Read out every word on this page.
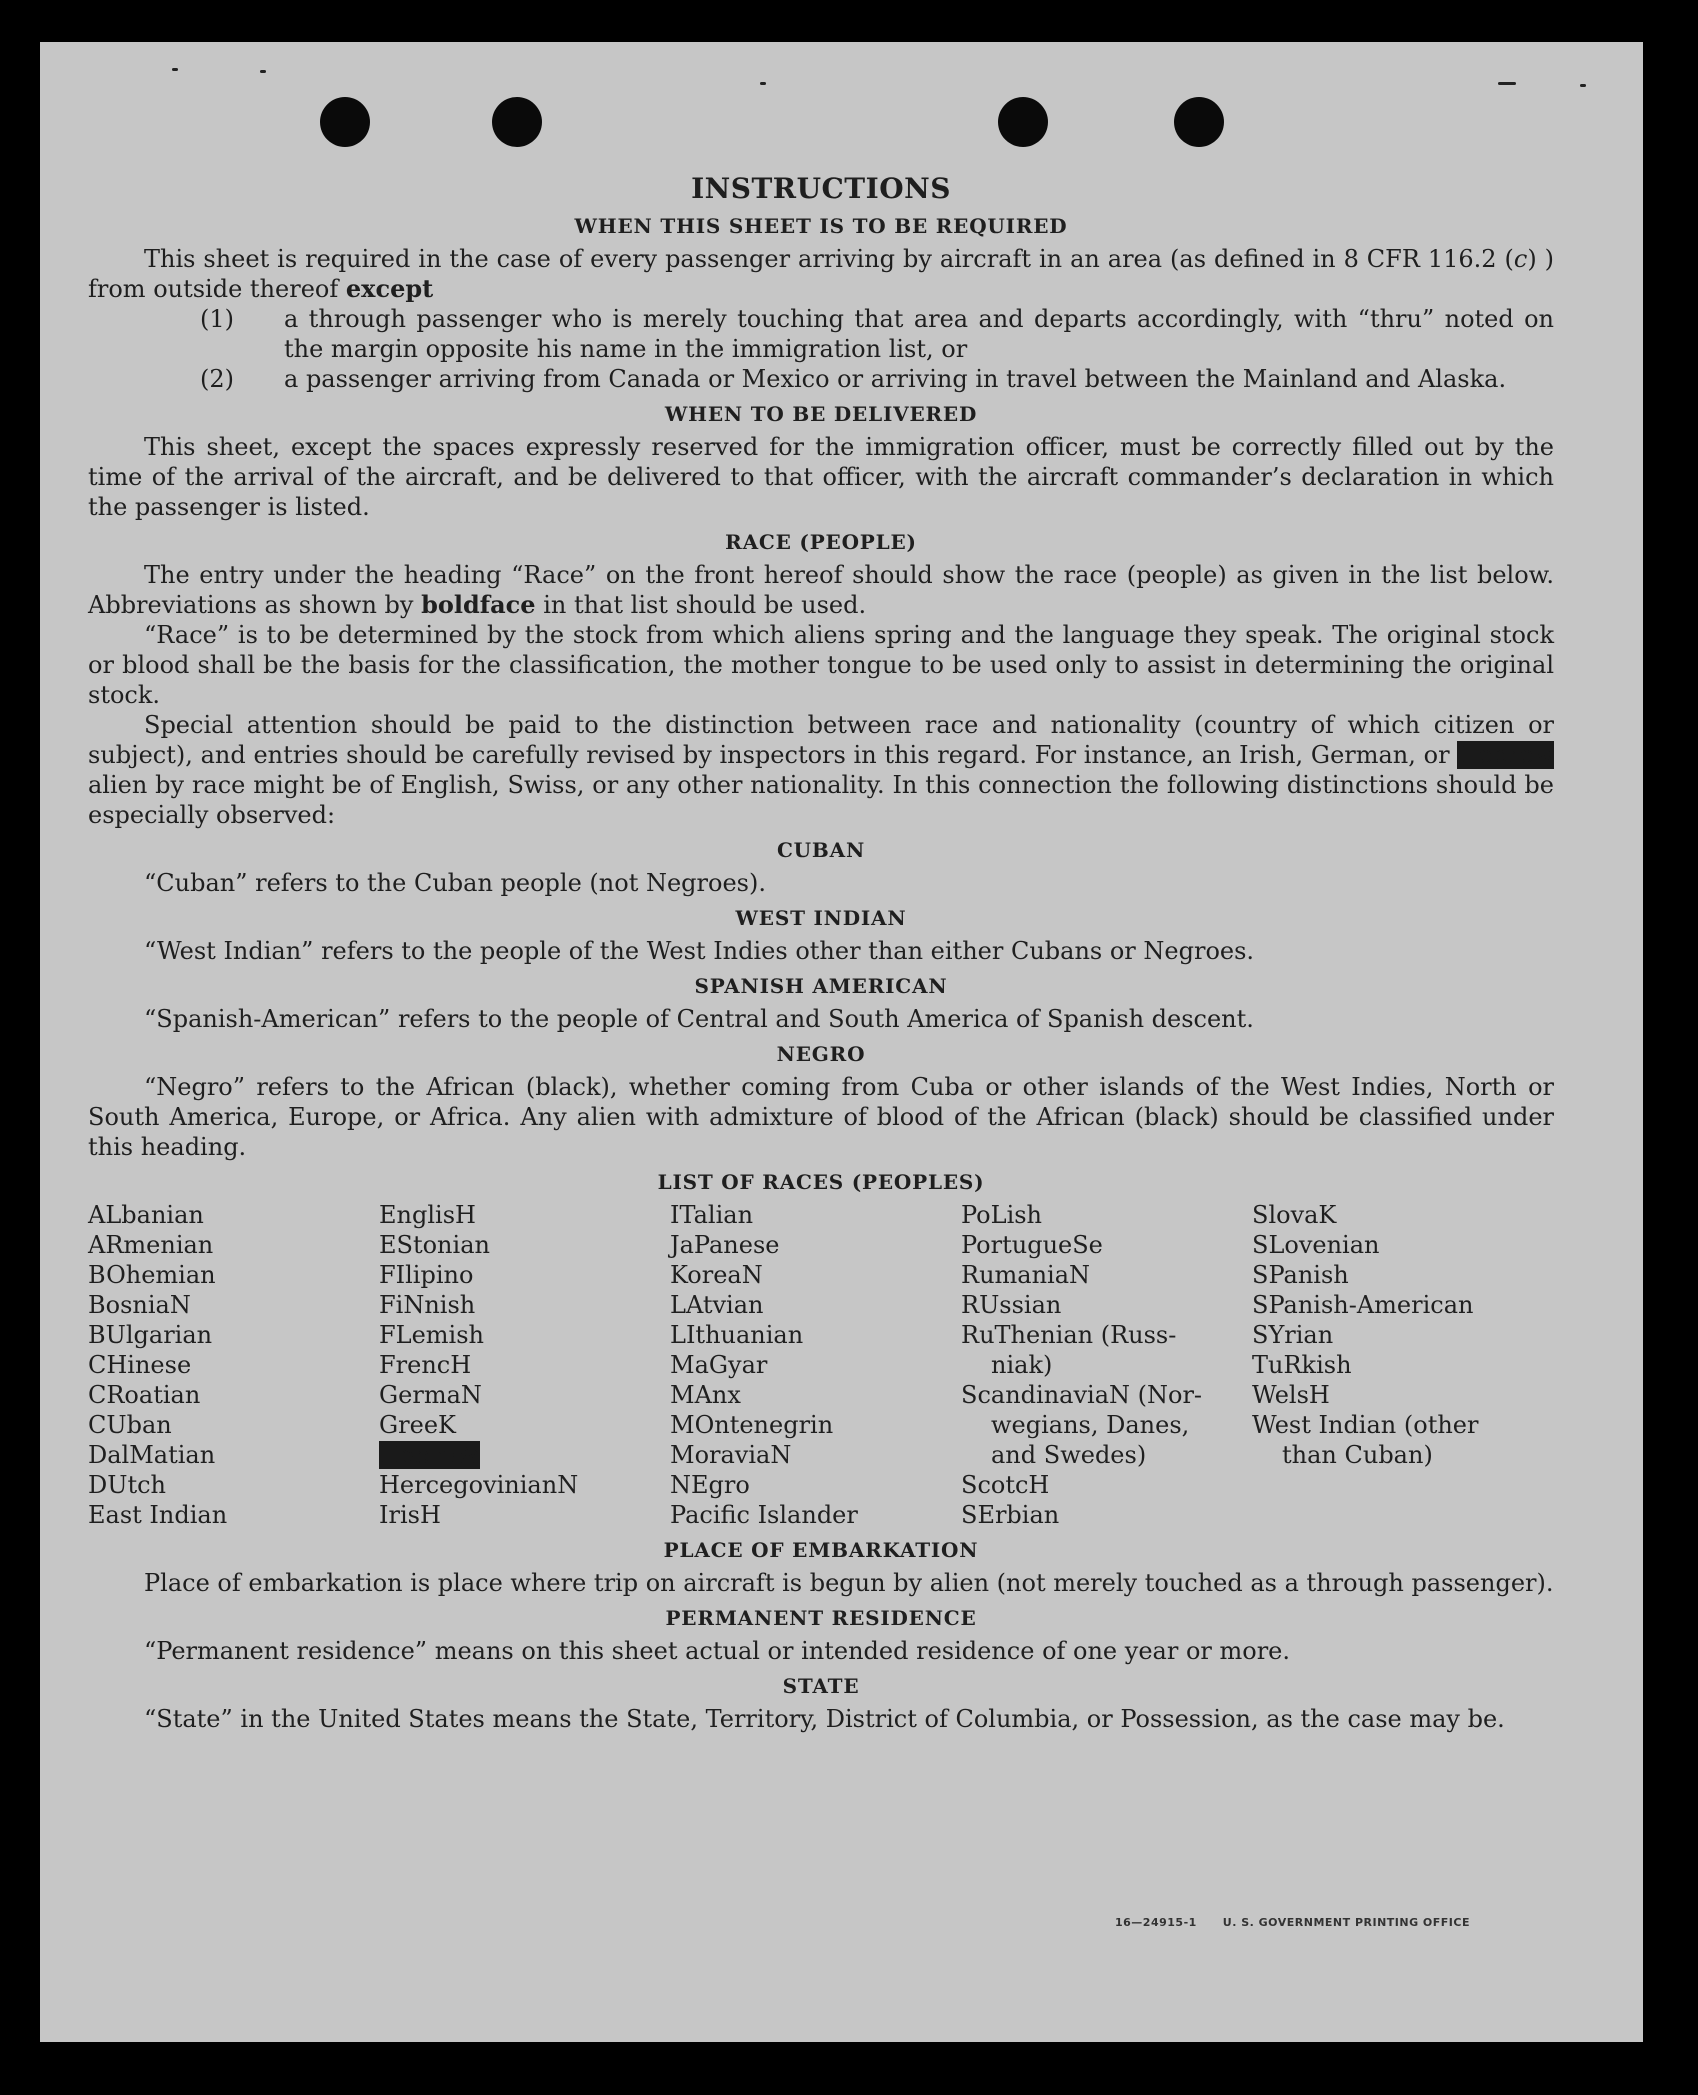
INSTRUCTIONS
WHEN THIS SHEET IS TO BE REQUIRED

This sheet is required in the case of every passenger arriving by aircraft in an area (as defined in 8 CFR 116.2 (c) ) from outside thereof except

(1) a through passenger who is merely touching that area and departs accordingly, with “thru” noted on the margin opposite his name in the immigration list, or
(2) a passenger arriving from Canada or Mexico or arriving in travel between the Mainland and Alaska.
WHEN TO BE DELIVERED

This sheet, except the spaces expressly reserved for the immigration officer, must be correctly filled out by the time of the arrival of the aircraft, and be delivered to that officer, with the aircraft commander’s declaration in which the passenger is listed.

RACE (PEOPLE)

The entry under the heading “Race” on the front hereof should show the race (people) as given in the list below. Abbreviations as shown by boldface in that list should be used.

“Race” is to be determined by the stock from which aliens spring and the language they speak. The original stock or blood shall be the basis for the classification, the mother tongue to be used only to assist in determining the original stock.

Special attention should be paid to the distinction between race and nationality (country of which citizen or subject), and entries should be carefully revised by inspectors in this regard. For instance, an Irish, German, or Hebrew alien by race might be of English, Swiss, or any other nationality. In this connection the following distinctions should be especially observed:

CUBAN

“Cuban” refers to the Cuban people (not Negroes).

WEST INDIAN

“West Indian” refers to the people of the West Indies other than either Cubans or Negroes.

SPANISH AMERICAN

“Spanish-American” refers to the people of Central and South America of Spanish descent.

NEGRO

“Negro” refers to the African (black), whether coming from Cuba or other islands of the West Indies, North or South America, Europe, or Africa. Any alien with admixture of blood of the African (black) should be classified under this heading.

LIST OF RACES (PEOPLES)
ALbanian
ARmenian
BOhemian
BosniaN
BUlgarian
CHinese
CRoatian
CUban
DalMatian
DUtch
East Indian
EnglisH
EStonian
FIlipino
FiNnish
FLemish
FrencH
GermaN
GreeK
HebreW
HercegovinianN
IrisH
ITalian
JaPanese
KoreaN
LAtvian
LIthuanian
MaGyar
MAnx
MOntenegrin
MoraviaN
NEgro
Pacific Islander
PoLish
PortugueSe
RumaniaN
RUssian
RuThenian (Russ-
niak)
ScandinaviaN (Nor-
wegians, Danes,
and Swedes)
ScotcH
SErbian
SlovaK
SLovenian
SPanish
SPanish-American
SYrian
TuRkish
WelsH
West Indian (other
than Cuban)
PLACE OF EMBARKATION

Place of embarkation is place where trip on aircraft is begun by alien (not merely touched as a through passenger).

PERMANENT RESIDENCE

“Permanent residence” means on this sheet actual or intended residence of one year or more.

STATE

“State” in the United States means the State, Territory, District of Columbia, or Possession, as the case may be.

16—24915-1 U. S. GOVERNMENT PRINTING OFFICE
